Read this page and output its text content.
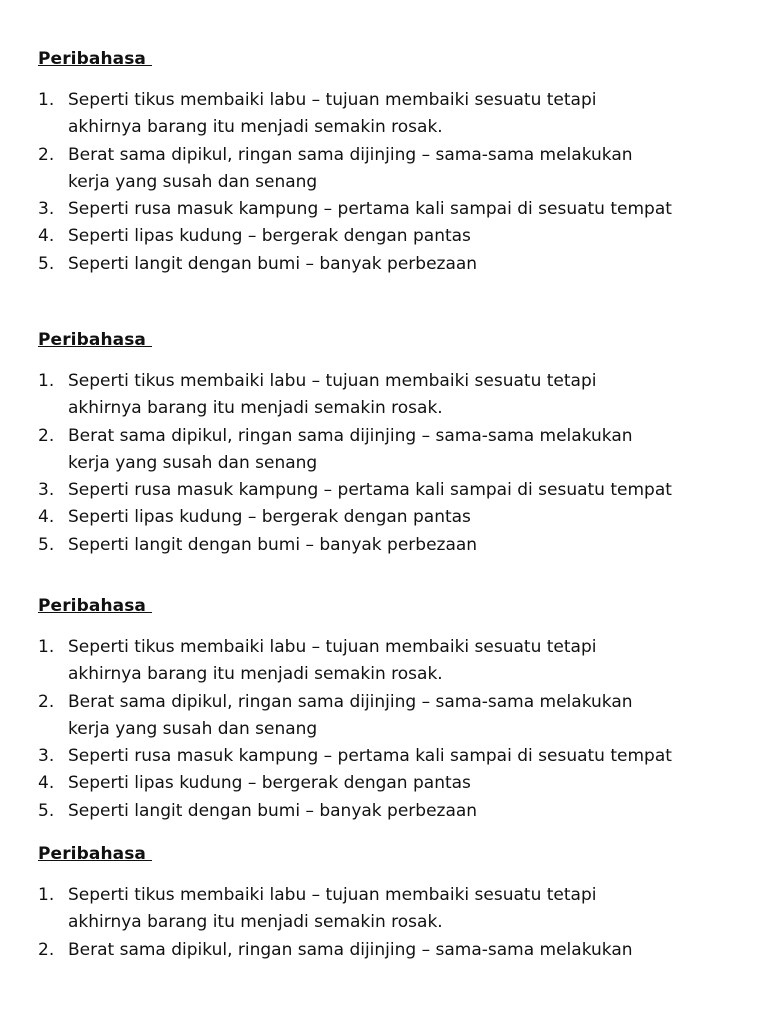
Peribahasa
1. Seperti tikus membaiki labu – tujuan membaiki sesuatu tetapi
akhirnya barang itu menjadi semakin rosak.
2. Berat sama dipikul, ringan sama dijinjing – sama-sama melakukan
kerja yang susah dan senang
3. Seperti rusa masuk kampung – pertama kali sampai di sesuatu tempat
4. Seperti lipas kudung – bergerak dengan pantas
5. Seperti langit dengan bumi – banyak perbezaan
Peribahasa
1. Seperti tikus membaiki labu – tujuan membaiki sesuatu tetapi
akhirnya barang itu menjadi semakin rosak.
2. Berat sama dipikul, ringan sama dijinjing – sama-sama melakukan
kerja yang susah dan senang
3. Seperti rusa masuk kampung – pertama kali sampai di sesuatu tempat
4. Seperti lipas kudung – bergerak dengan pantas
5. Seperti langit dengan bumi – banyak perbezaan
Peribahasa
1. Seperti tikus membaiki labu – tujuan membaiki sesuatu tetapi
akhirnya barang itu menjadi semakin rosak.
2. Berat sama dipikul, ringan sama dijinjing – sama-sama melakukan
kerja yang susah dan senang
3. Seperti rusa masuk kampung – pertama kali sampai di sesuatu tempat
4. Seperti lipas kudung – bergerak dengan pantas
5. Seperti langit dengan bumi – banyak perbezaan
Peribahasa
1. Seperti tikus membaiki labu – tujuan membaiki sesuatu tetapi
akhirnya barang itu menjadi semakin rosak.
2. Berat sama dipikul, ringan sama dijinjing – sama-sama melakukan
